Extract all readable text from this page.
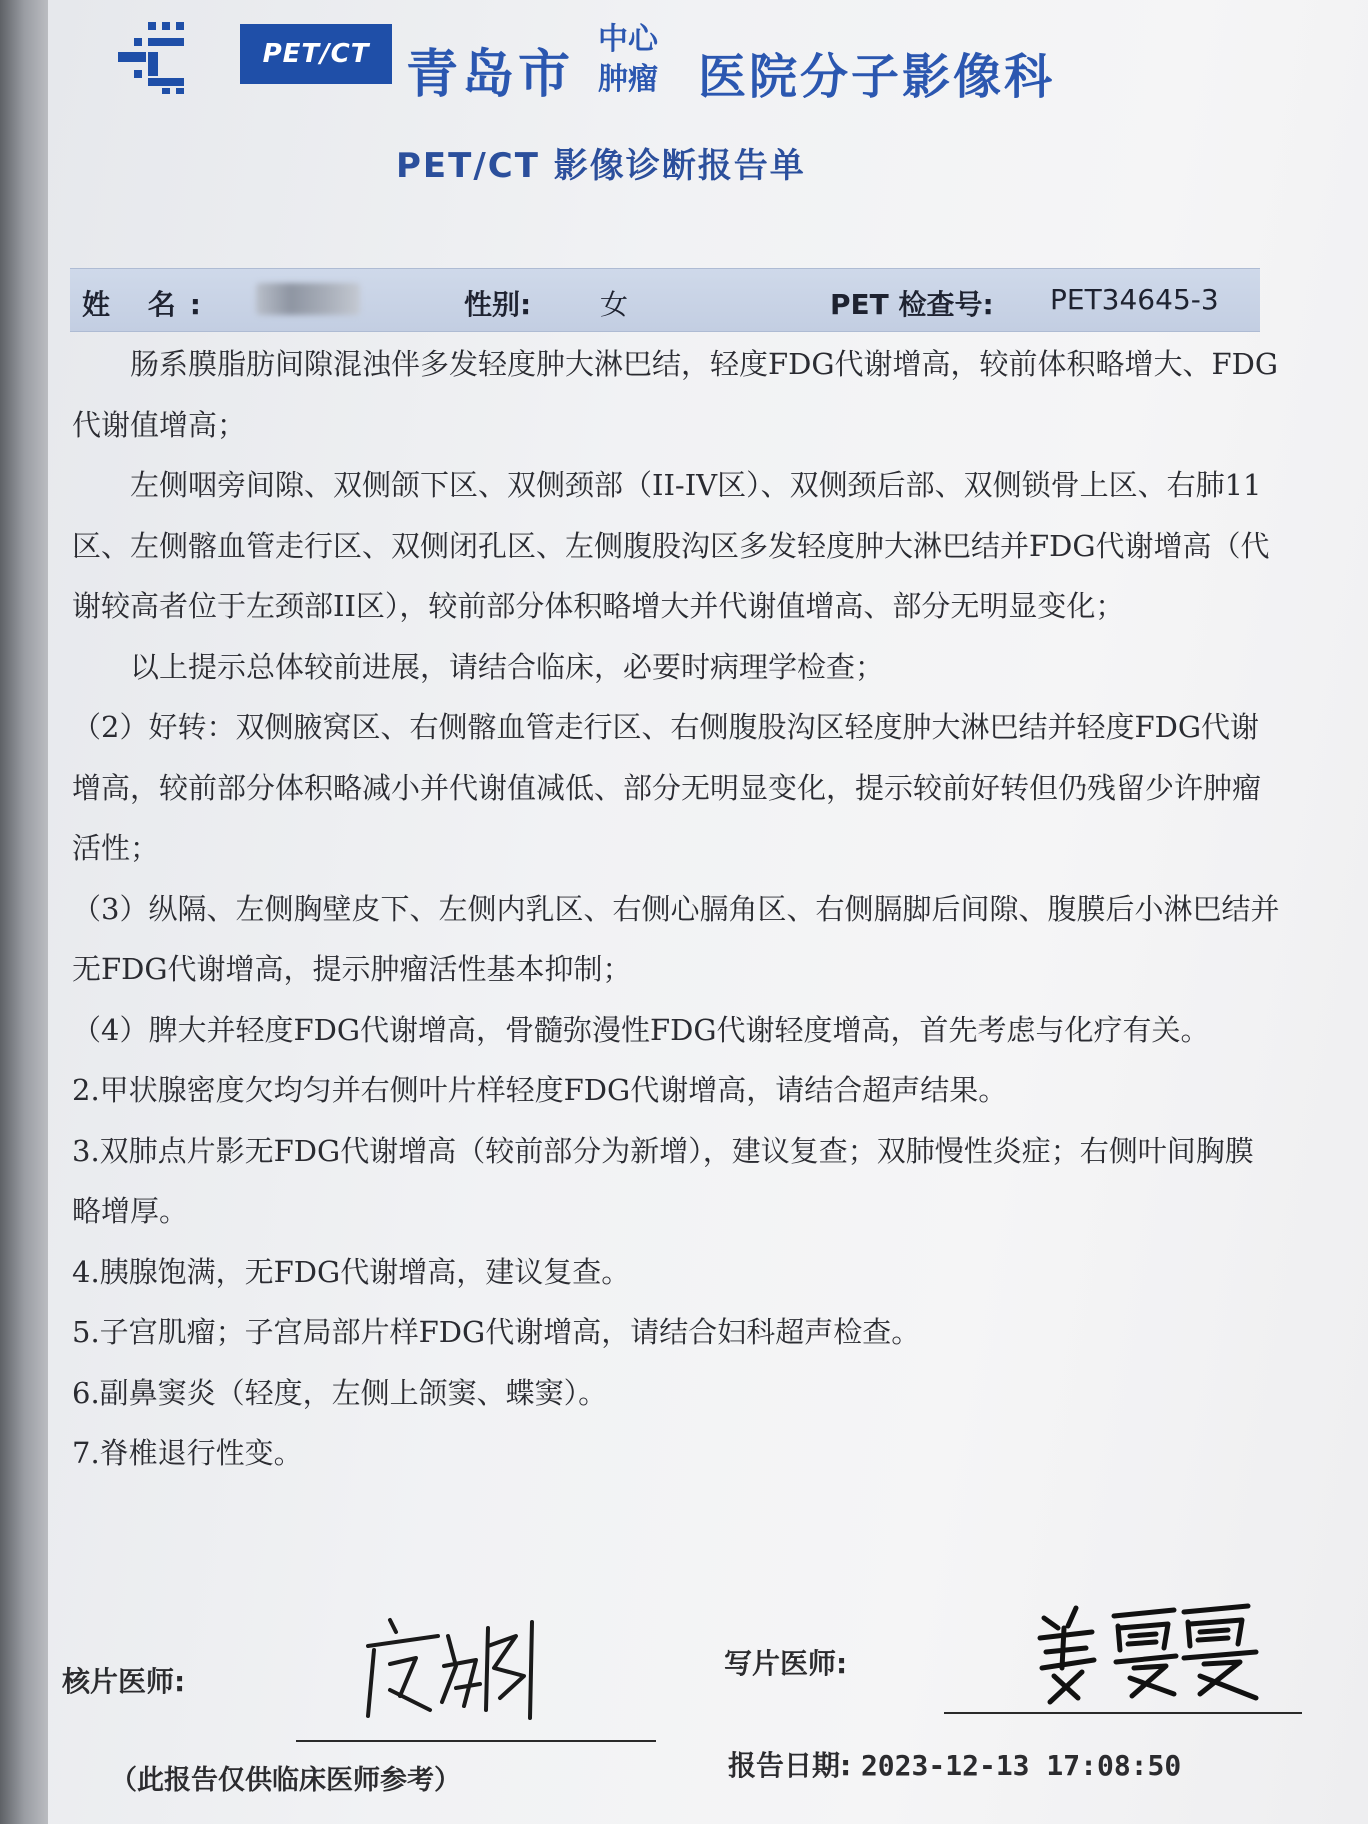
PET/CT 青岛市
中心
肿瘤 医院分子影像科
PET/CT 影像诊断报告单
姓 名:	性别: 女	PET 检查号: PET34645-3

肠系膜脂肪间隙混浊伴多发轻度肿大淋巴结，轻度FDG代谢增高，较前体积略增大、FDG代谢值增高；

左侧咽旁间隙、双侧颌下区、双侧颈部（II-IV区）、双侧颈后部、双侧锁骨上区、右肺11区、左侧髂血管走行区、双侧闭孔区、左侧腹股沟区多发轻度肿大淋巴结并FDG代谢增高（代谢较高者位于左颈部II区），较前部分体积略增大并代谢值增高、部分无明显变化；

以上提示总体较前进展，请结合临床，必要时病理学检查；

（2）好转：双侧腋窝区、右侧髂血管走行区、右侧腹股沟区轻度肿大淋巴结并轻度FDG代谢增高，较前部分体积略减小并代谢值减低、部分无明显变化，提示较前好转但仍残留少许肿瘤活性；

（3）纵隔、左侧胸壁皮下、左侧内乳区、右侧心膈角区、右侧膈脚后间隙、腹膜后小淋巴结并无FDG代谢增高，提示肿瘤活性基本抑制；

（4）脾大并轻度FDG代谢增高，骨髓弥漫性FDG代谢轻度增高，首先考虑与化疗有关。

2.甲状腺密度欠均匀并右侧叶片样轻度FDG代谢增高，请结合超声结果。

3.双肺点片影无FDG代谢增高（较前部分为新增），建议复查；双肺慢性炎症；右侧叶间胸膜略增厚。

4.胰腺饱满，无FDG代谢增高，建议复查。

5.子宫肌瘤；子宫局部片样FDG代谢增高，请结合妇科超声检查。

6.副鼻窦炎（轻度，左侧上颌窦、蝶窦）。

7.脊椎退行性变。

核片医师:
写片医师:
（此报告仅供临床医师参考）	报告日期: 2023-12-13 17:08:50
